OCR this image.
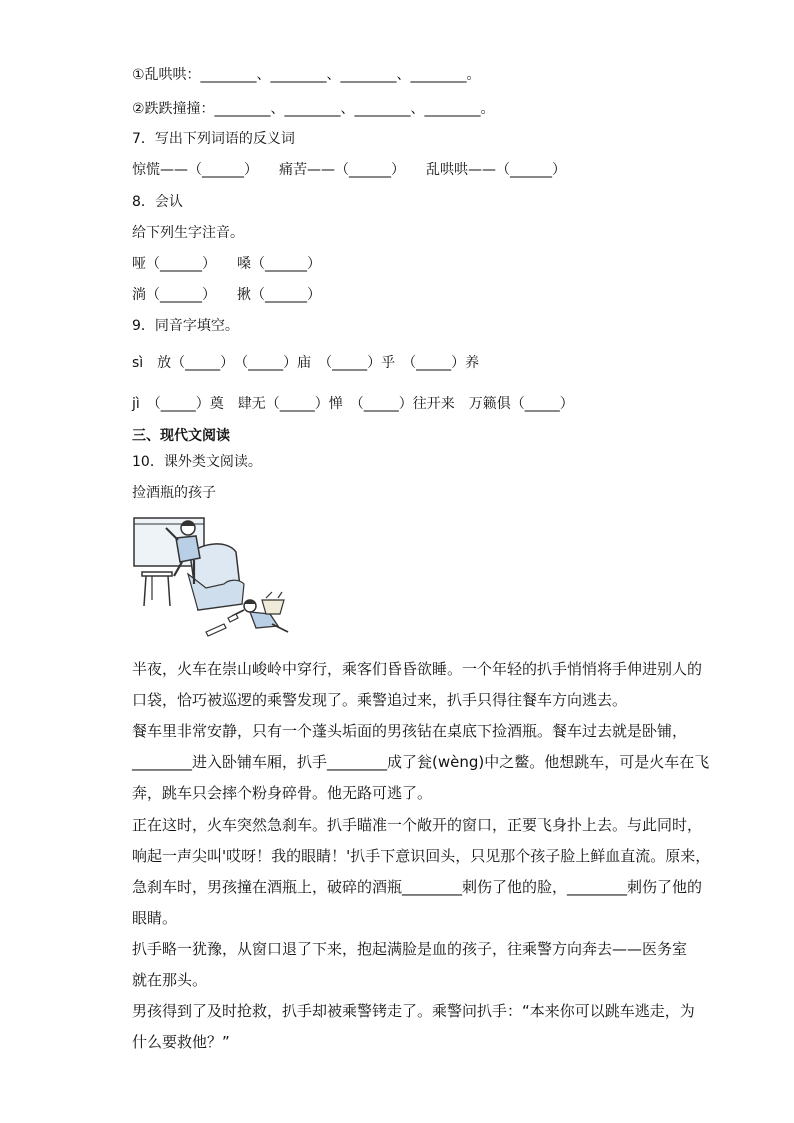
①乱哄哄：________、________、________、________。
②跌跌撞撞：________、________、________、________。
7．写出下列词语的反义词
惊慌——（______）　　痛苦——（______）　　乱哄哄——（______）
8．会认
给下列生字注音。
哑（______）　　嗓（______）
淌（______）　　揪（______）
9．同音字填空。
sì　放（_____）　（_____）庙　（_____）乎　（_____）养
jì　（_____）奠　肆无（_____）惮　（_____）往开来　万籁俱（_____）
三、现代文阅读
10．课外类文阅读。
捡酒瓶的孩子
半夜，火车在崇山峻岭中穿行，乘客们昏昏欲睡。一个年轻的扒手悄悄将手伸进别人的
口袋，恰巧被巡逻的乘警发现了。乘警追过来，扒手只得往餐车方向逃去。
餐车里非常安静，只有一个蓬头垢面的男孩钻在桌底下捡酒瓶。餐车过去就是卧铺，
________进入卧铺车厢，扒手________成了瓮(wèng)中之鳖。他想跳车，可是火车在飞
奔，跳车只会摔个粉身碎骨。他无路可逃了。
正在这时，火车突然急刹车。扒手瞄准一个敞开的窗口，正要飞身扑上去。与此同时，
响起一声尖叫'哎呀！我的眼睛！'扒手下意识回头，只见那个孩子脸上鲜血直流。原来，
急刹车时，男孩撞在酒瓶上，破碎的酒瓶________刺伤了他的脸，________刺伤了他的
眼睛。
扒手略一犹豫，从窗口退了下来，抱起满脸是血的孩子，往乘警方向奔去——医务室
就在那头。
男孩得到了及时抢救，扒手却被乘警铐走了。乘警问扒手：“本来你可以跳车逃走，为
什么要救他？”
